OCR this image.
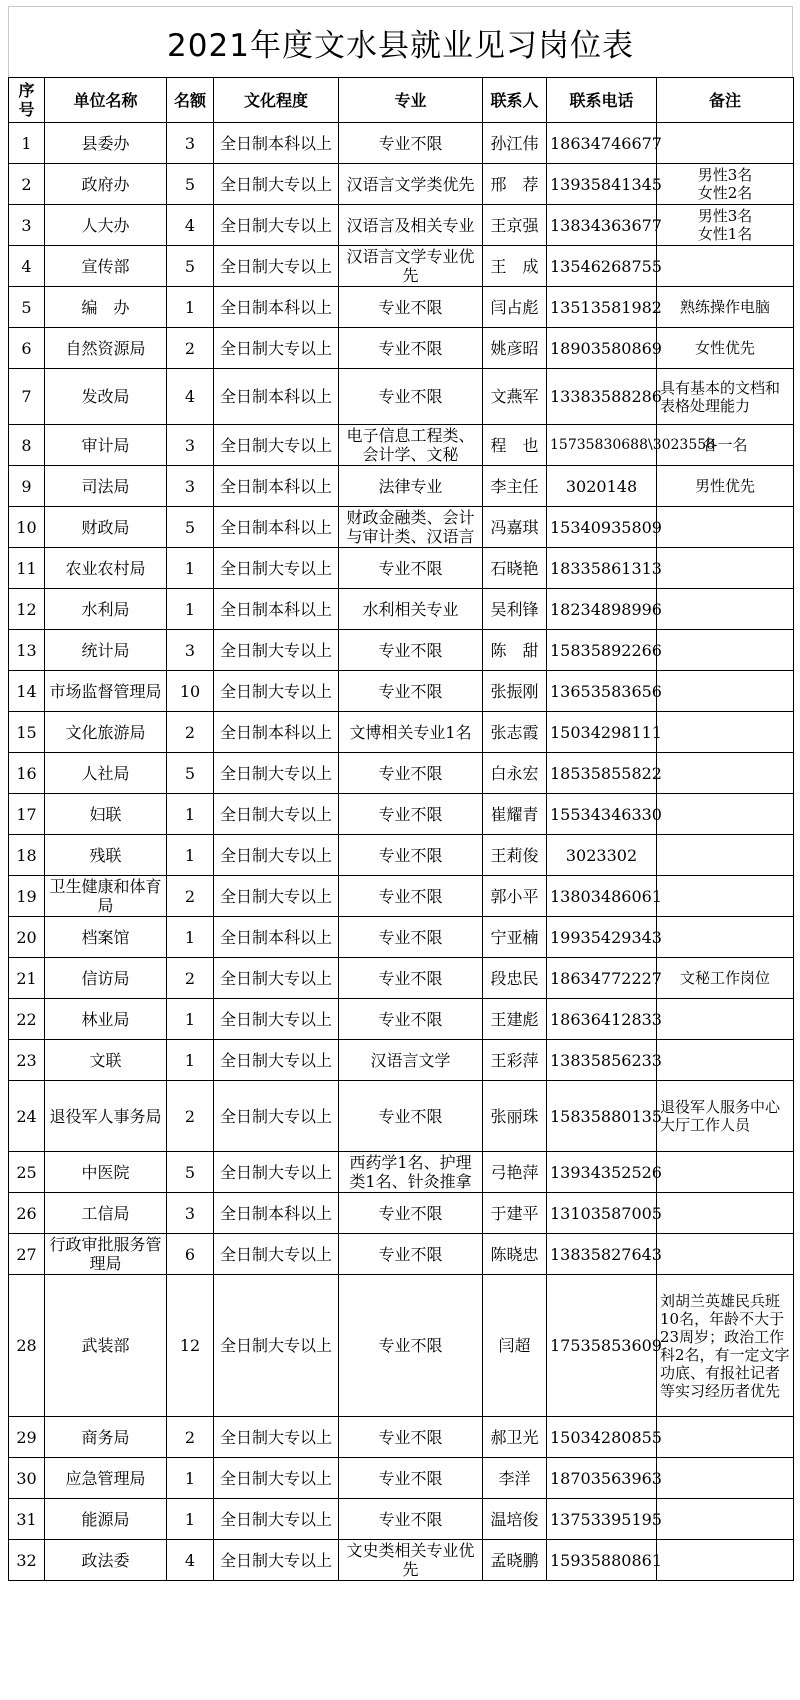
2021年度文水县就业见习岗位表
序号	单位名称	名额	文化程度	专业	联系人	联系电话	备注
1	县委办	3	全日制本科以上	专业不限	孙江伟	18634746677	
2	政府办	5	全日制大专以上	汉语言文学类优先	邢　荐	13935841345	男性3名
女性2名
3	人大办	4	全日制大专以上	汉语言及相关专业	王京强	13834363677	男性3名
女性1名
4	宣传部	5	全日制大专以上	汉语言文学专业优先	王　成	13546268755	
5	编　办	1	全日制本科以上	专业不限	闫占彪	13513581982	熟练操作电脑
6	自然资源局	2	全日制大专以上	专业不限	姚彦昭	18903580869	女性优先
7	发改局	4	全日制本科以上	专业不限	文燕军	13383588286	具有基本的文档和表格处理能力
8	审计局	3	全日制大专以上	电子信息工程类、会计学、文秘	程　也	15735830688\3023550	各一名
9	司法局	3	全日制本科以上	法律专业	李主任	3020148	男性优先
10	财政局	5	全日制本科以上	财政金融类、会计与审计类、汉语言	冯嘉琪	15340935809	
11	农业农村局	1	全日制大专以上	专业不限	石晓艳	18335861313	
12	水利局	1	全日制本科以上	水利相关专业	吴利锋	18234898996	
13	统计局	3	全日制大专以上	专业不限	陈　甜	15835892266	
14	市场监督管理局	10	全日制大专以上	专业不限	张振刚	13653583656	
15	文化旅游局	2	全日制本科以上	文博相关专业1名	张志霞	15034298111	
16	人社局	5	全日制大专以上	专业不限	白永宏	18535855822	
17	妇联	1	全日制大专以上	专业不限	崔耀青	15534346330	
18	残联	1	全日制大专以上	专业不限	王莉俊	3023302	
19	卫生健康和体育局	2	全日制大专以上	专业不限	郭小平	13803486061	
20	档案馆	1	全日制本科以上	专业不限	宁亚楠	19935429343	
21	信访局	2	全日制大专以上	专业不限	段忠民	18634772227	文秘工作岗位
22	林业局	1	全日制大专以上	专业不限	王建彪	18636412833	
23	文联	1	全日制大专以上	汉语言文学	王彩萍	13835856233	
24	退役军人事务局	2	全日制大专以上	专业不限	张丽珠	15835880135	退役军人服务中心大厅工作人员
25	中医院	5	全日制大专以上	西药学1名、护理类1名、针灸推拿	弓艳萍	13934352526	
26	工信局	3	全日制本科以上	专业不限	于建平	13103587005	
27	行政审批服务管理局	6	全日制大专以上	专业不限	陈晓忠	13835827643	
28	武装部	12	全日制大专以上	专业不限	闫超	17535853609	刘胡兰英雄民兵班10名，年龄不大于23周岁；政治工作科2名，有一定文字功底、有报社记者等实习经历者优先
29	商务局	2	全日制大专以上	专业不限	郝卫光	15034280855	
30	应急管理局	1	全日制大专以上	专业不限	李洋	18703563963	
31	能源局	1	全日制大专以上	专业不限	温培俊	13753395195	
32	政法委	4	全日制大专以上	文史类相关专业优先	孟晓鹏	15935880861	
